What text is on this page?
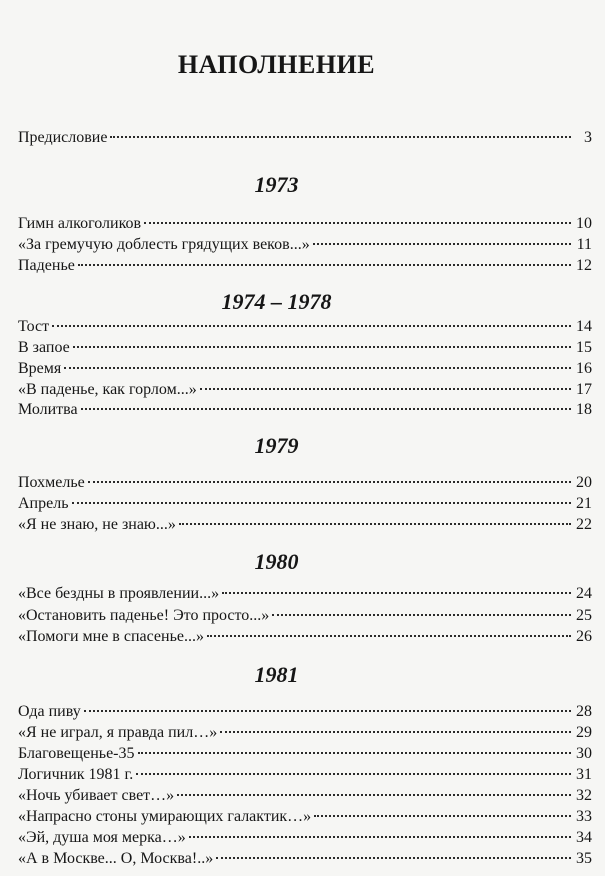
НАПОЛНЕНИЕ
Предисловие	3
1973
Гимн алкоголиков	10
«За гремучую доблесть грядущих веков...»	11
Паденье	12
1974 – 1978
Тост	14
В запое	15
Время	16
«В паденье, как горлом...»	17
Молитва	18
1979
Похмелье	20
Апрель	21
«Я не знаю, не знаю...»	22
1980
«Все бездны в проявлении...»	24
«Остановить паденье! Это просто...»	25
«Помоги мне в спасенье...»	26
1981
Ода пиву	28
«Я не играл, я правда пил…»	29
Благовещенье-35	30
Логичник 1981 г.	31
«Ночь убивает свет…»	32
«Напрасно стоны умирающих галактик…»	33
«Эй, душа моя мерка…»	34
«А в Москве... О, Москва!..»	35
